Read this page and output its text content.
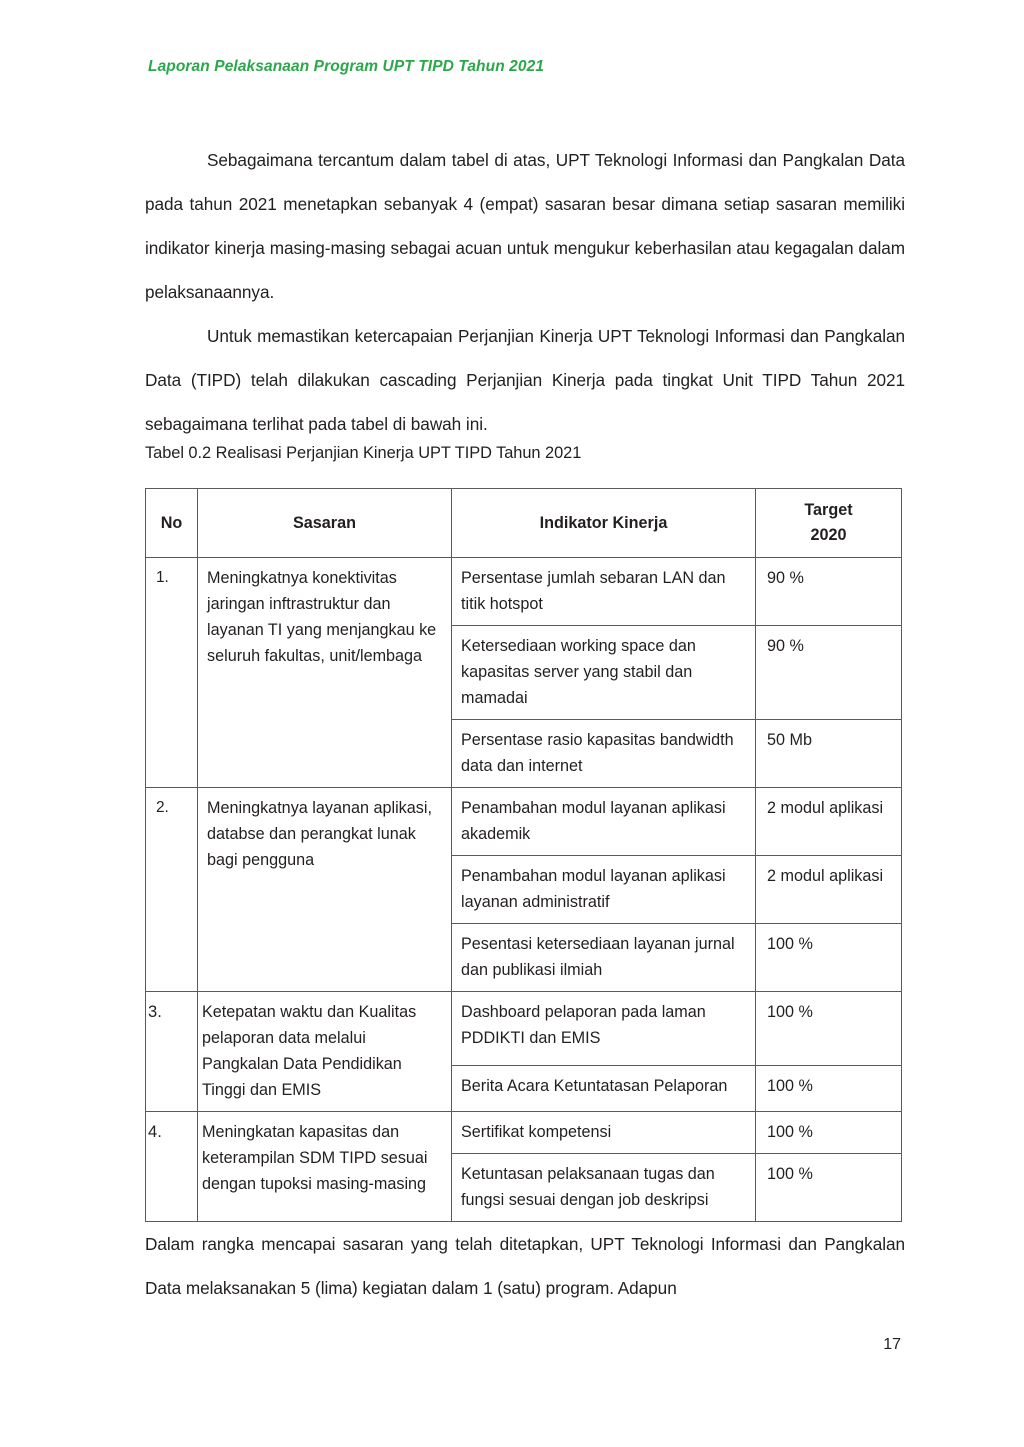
Laporan Pelaksanaan Program UPT TIPD Tahun 2021

Sebagaimana tercantum dalam tabel di atas, UPT Teknologi Informasi dan Pangkalan Data pada tahun 2021 menetapkan sebanyak 4 (empat) sasaran besar dimana setiap sasaran memiliki indikator kinerja masing-masing sebagai acuan untuk mengukur keberhasilan atau kegagalan dalam pelaksanaannya.

Untuk memastikan ketercapaian Perjanjian Kinerja UPT Teknologi Informasi dan Pangkalan Data (TIPD) telah dilakukan cascading Perjanjian Kinerja pada tingkat Unit TIPD Tahun 2021 sebagaimana terlihat pada tabel di bawah ini.

Tabel 0.2 Realisasi Perjanjian Kinerja UPT TIPD Tahun 2021
No	Sasaran	Indikator Kinerja	Target
2020

1.	Meningkatnya konektivitas jaringan inftrastruktur dan layanan TI yang menjangkau ke seluruh fakultas, unit/lembaga	Persentase jumlah sebaran LAN dan titik hotspot	90 %
		Ketersediaan working space dan kapasitas server yang stabil dan mamadai	90 %
		Persentase rasio kapasitas bandwidth data dan internet	50 Mb
2.	Meningkatnya layanan aplikasi, databse dan perangkat lunak bagi pengguna	Penambahan modul layanan aplikasi akademik	2 modul aplikasi
		Penambahan modul layanan aplikasi layanan administratif	2 modul aplikasi
		Pesentasi ketersediaan layanan jurnal dan publikasi ilmiah	100 %
3.	Ketepatan waktu dan Kualitas pelaporan data melalui Pangkalan Data Pendidikan Tinggi dan EMIS	Dashboard pelaporan pada laman PDDIKTI dan EMIS	100 %
		Berita Acara Ketuntatasan Pelaporan	100 %
4.	Meningkatan kapasitas dan keterampilan SDM TIPD sesuai dengan tupoksi masing-masing	Sertifikat kompetensi	100 %
		Ketuntasan pelaksanaan tugas dan fungsi sesuai dengan job deskripsi	100 %

Dalam rangka mencapai sasaran yang telah ditetapkan, UPT Teknologi Informasi dan Pangkalan Data melaksanakan 5 (lima) kegiatan dalam 1 (satu) program. Adapun

17
